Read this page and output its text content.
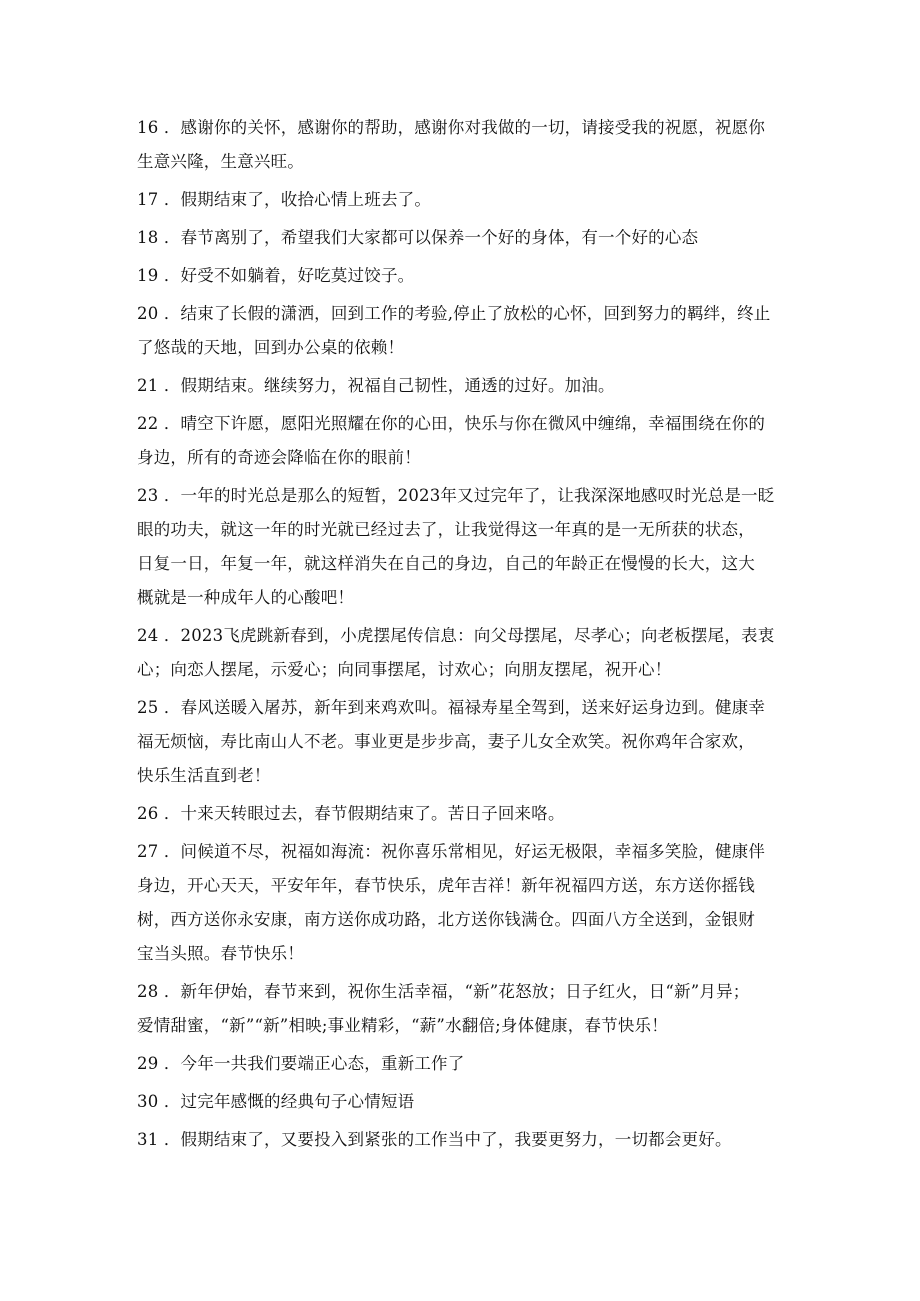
16 ．感谢你的关怀，感谢你的帮助，感谢你对我做的一切，请接受我的祝愿，祝愿你
生意兴隆，生意兴旺。
17 ．假期结束了，收拾心情上班去了。
18 ．春节离别了，希望我们大家都可以保养一个好的身体，有一个好的心态
19 ．好受不如躺着，好吃莫过饺子。
20 ．结束了长假的潇洒，回到工作的考验,停止了放松的心怀，回到努力的羁绊，终止
了悠哉的天地，回到办公桌的依赖！
21 ．假期结束。继续努力，祝福自己韧性，通透的过好。加油。
22 ．晴空下许愿，愿阳光照耀在你的心田，快乐与你在微风中缠绵，幸福围绕在你的
身边，所有的奇迹会降临在你的眼前！
23 ．一年的时光总是那么的短暂，2023年又过完年了，让我深深地感叹时光总是一眨
眼的功夫，就这一年的时光就已经过去了，让我觉得这一年真的是一无所获的状态，
日复一日，年复一年，就这样消失在自己的身边，自己的年龄正在慢慢的长大，这大
概就是一种成年人的心酸吧！
24 ．2023飞虎跳新春到，小虎摆尾传信息：向父母摆尾，尽孝心；向老板摆尾，表衷
心；向恋人摆尾，示爱心；向同事摆尾，讨欢心；向朋友摆尾，祝开心！
25 ．春风送暖入屠苏，新年到来鸡欢叫。福禄寿星全驾到，送来好运身边到。健康幸
福无烦恼，寿比南山人不老。事业更是步步高，妻子儿女全欢笑。祝你鸡年合家欢，
快乐生活直到老！
26 ．十来天转眼过去，春节假期结束了。苦日子回来咯。
27 ．问候道不尽，祝福如海流：祝你喜乐常相见，好运无极限，幸福多笑脸，健康伴
身边，开心天天，平安年年，春节快乐，虎年吉祥！新年祝福四方送，东方送你摇钱
树，西方送你永安康，南方送你成功路，北方送你钱满仓。四面八方全送到，金银财
宝当头照。春节快乐！
28 ．新年伊始，春节来到，祝你生活幸福，“新”花怒放；日子红火，日“新”月异；
爱情甜蜜，“新”“新”相映;事业精彩，“薪”水翻倍;身体健康，春节快乐！
29 ．今年一共我们要端正心态，重新工作了
30 ．过完年感慨的经典句子心情短语
31 ．假期结束了，又要投入到紧张的工作当中了，我要更努力，一切都会更好。
